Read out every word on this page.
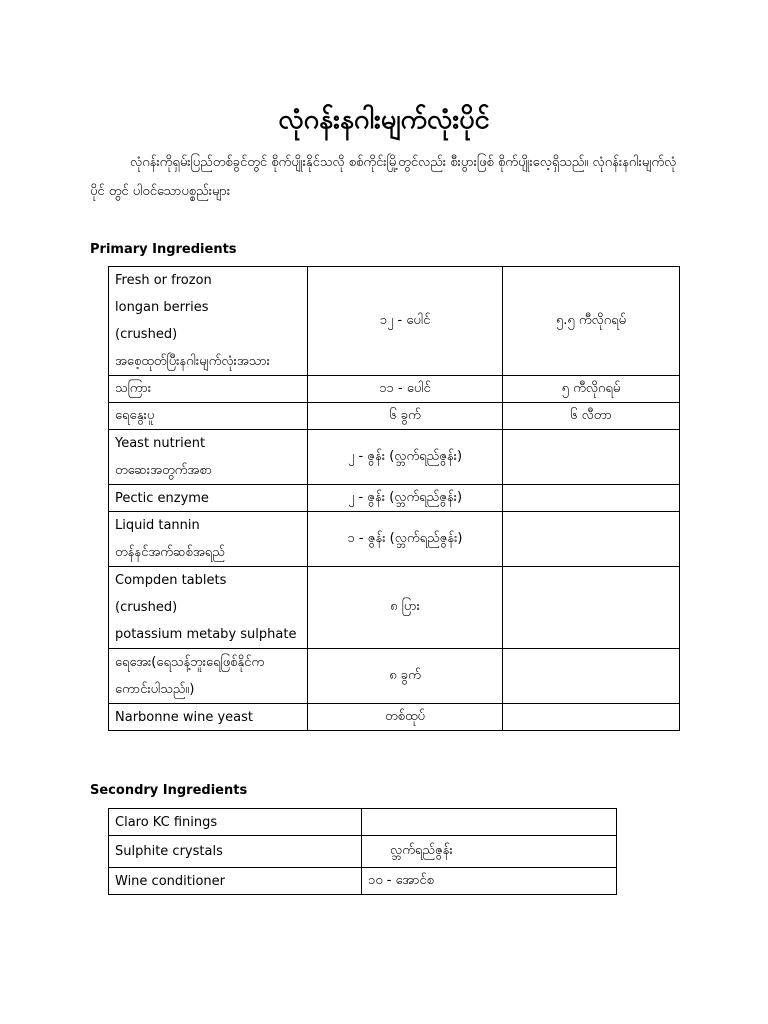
လုံဂန်းနဂါးမျက်လုံးပိုင်
လုံဂန်းကိုရှမ်းပြည်တစ်ခွင်တွင် စိုက်ပျိုးနိုင်သလို စစ်ကိုင်းမြို့တွင်လည်း စီးပွားဖြစ် စိုက်ပျိုးလေ့ရှိသည်။ လုံဂန်းနဂါးမျက်လုံပိုင် တွင် ပါဝင်သောပစ္စည်းများ
Primary Ingredients
Fresh or frozon
longan berries
(crushed)
အစေ့ထုတ်ပြီးနဂါးမျက်လုံးအသား	၁၂ - ပေါင်	၅.၅ ကီလိုဂရမ်
သကြား	၁၁ - ပေါင်	၅ ကီလိုဂရမ်
ရေနွေးပူ	၆ ခွက်	၆ လီတာ

Yeast nutrient
တဆေးအတွက်အစာ	၂ - ဇွန်း (လ္ဘက်ရည်ဇွန်း)	
Pectic enzyme	၂ - ဇွန်း (လ္ဘက်ရည်ဇွန်း)	

Liquid tannin
တန်နင်အက်ဆစ်အရည်	၁ - ဇွန်း (လ္ဘက်ရည်ဇွန်း)	

Compden tablets
(crushed)
potassium metaby sulphate	၈ ပြား	

ရေအေး(ရေသန့်ဘူးရေဖြစ်နိုင်က
ကောင်းပါသည်။)	၈ ခွက်	
Narbonne wine yeast	တစ်ထုပ်	
Secondry Ingredients
Claro KC finings	
Sulphite crystals	လ္ဘက်ရည်ဇွန်း
Wine conditioner	၁၀ - အောင်စ
